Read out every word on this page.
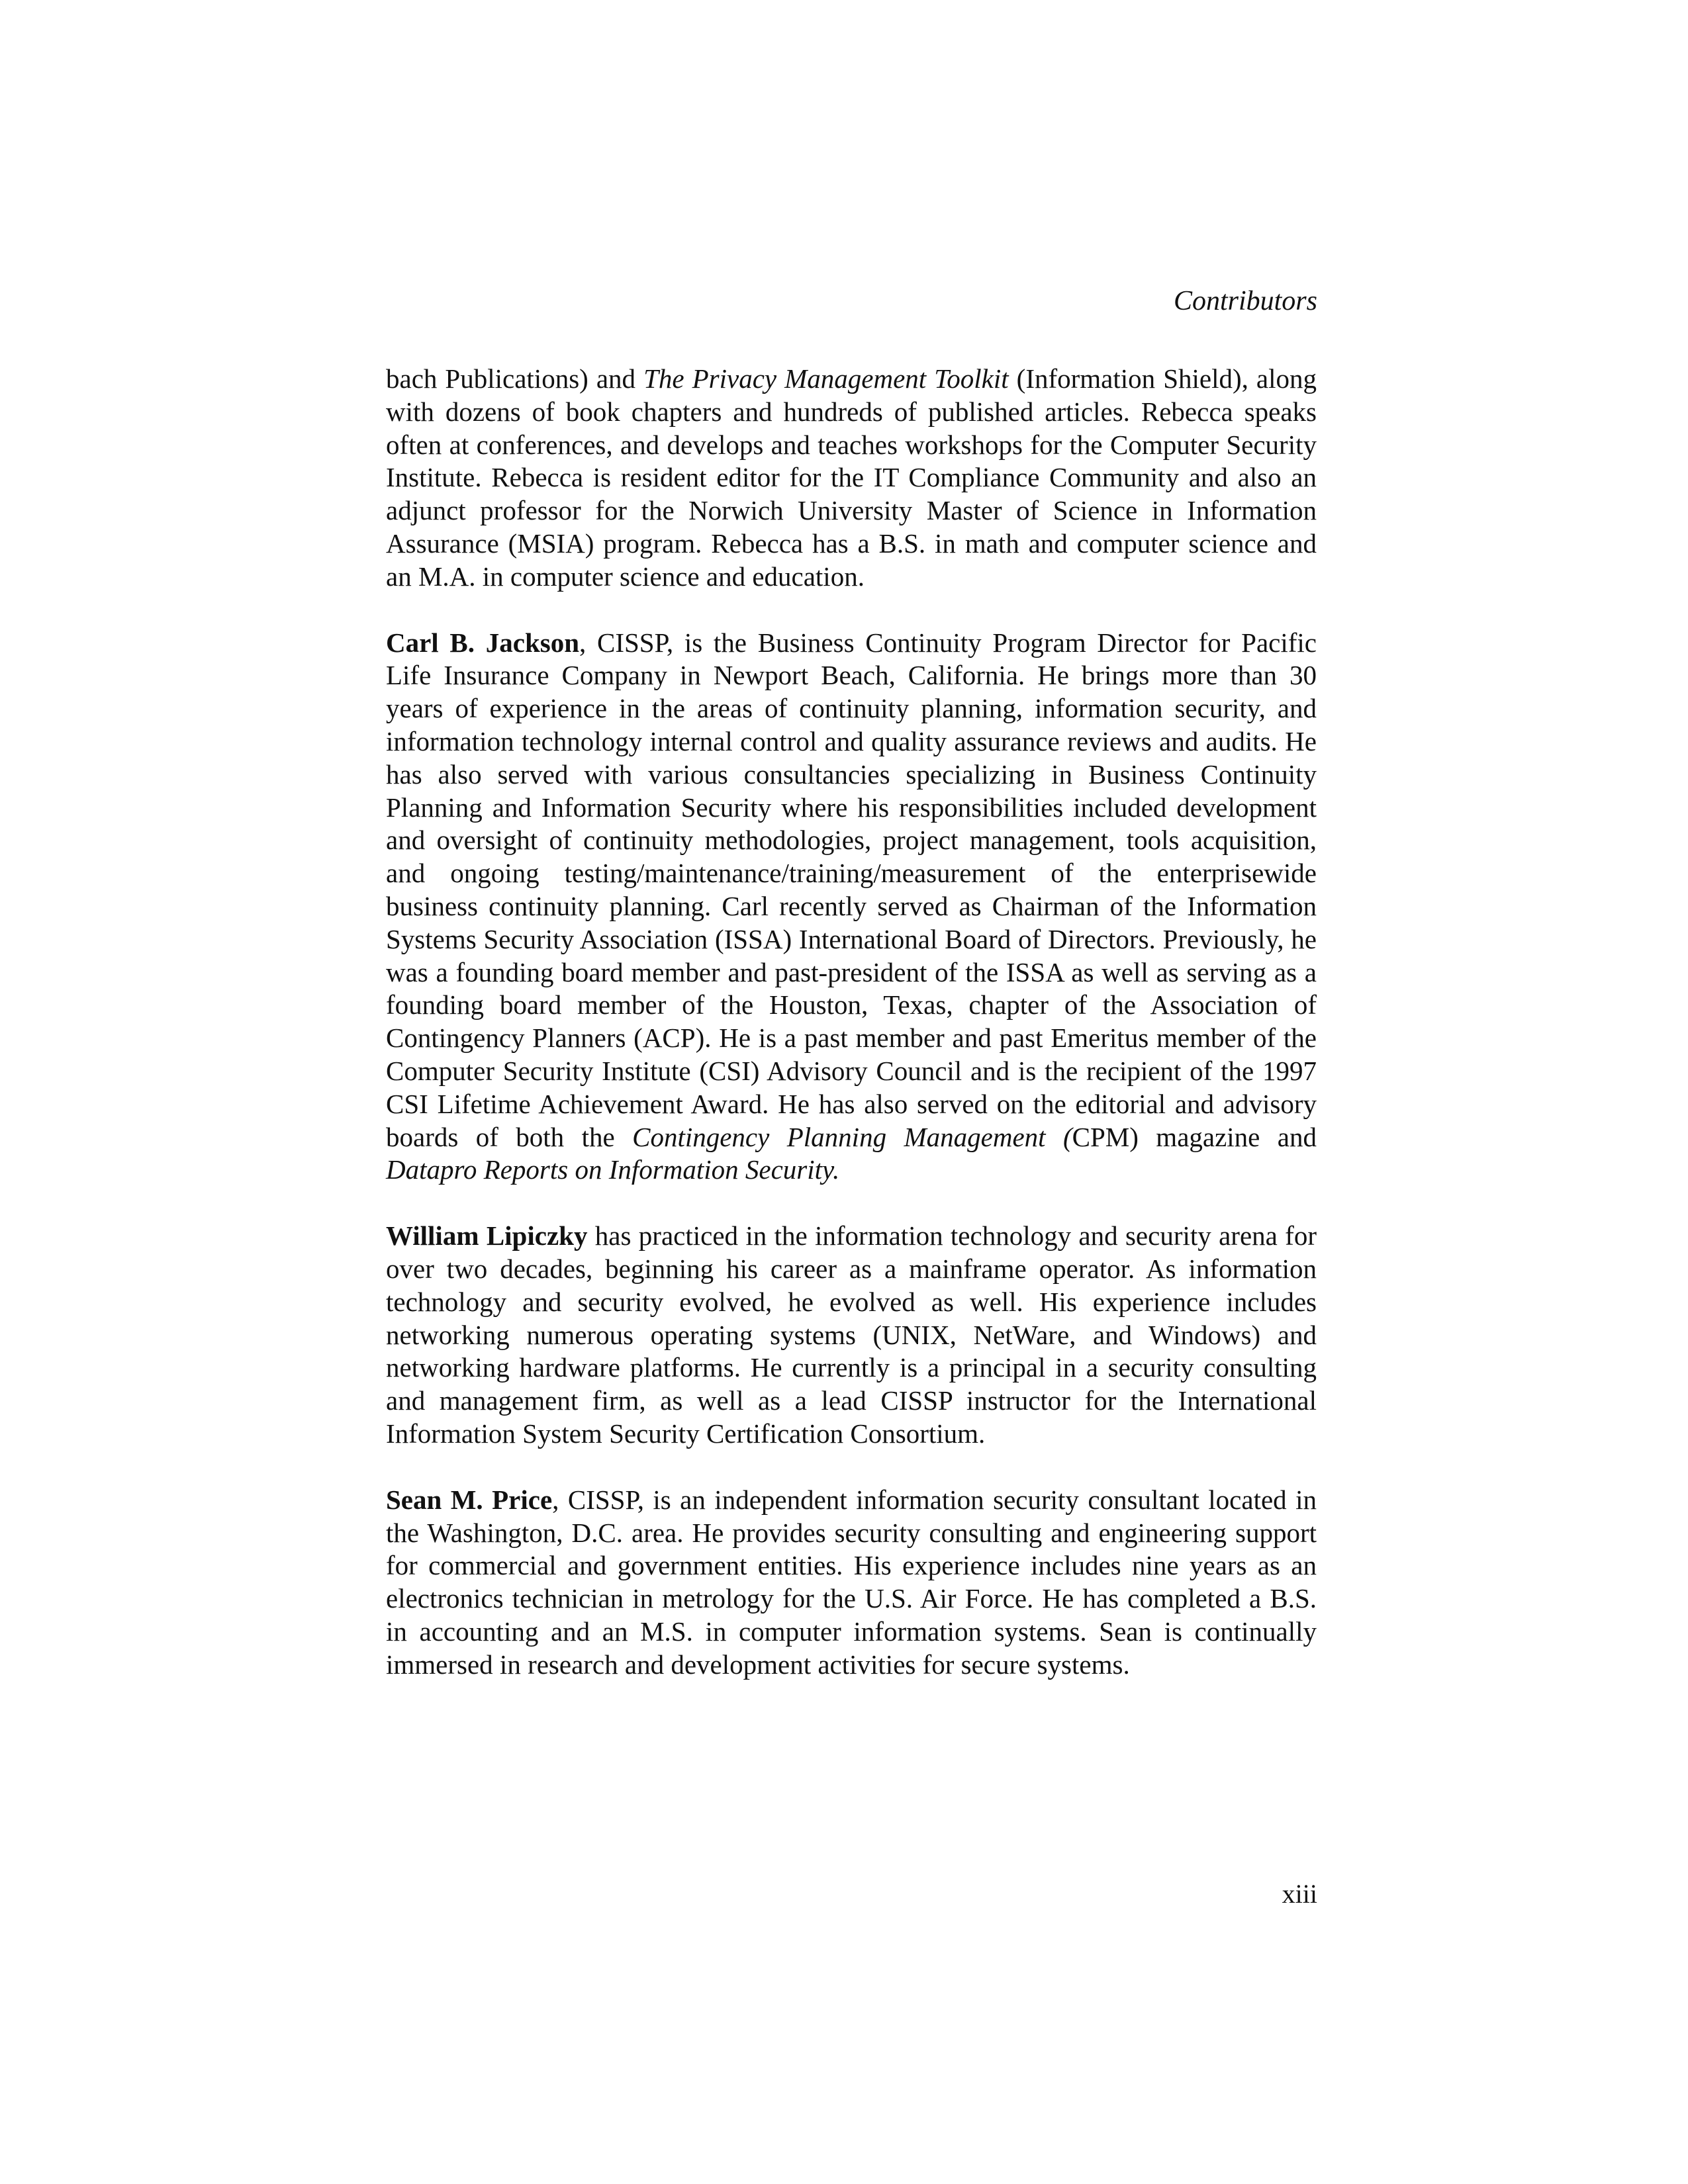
Contributors

bach Publications) and The Privacy Management Toolkit (Information Shield), along with dozens of book chapters and hundreds of published articles. Rebecca speaks often at conferences, and develops and teaches workshops for the Computer Security Institute. Rebecca is resident editor for the IT Compliance Community and also an adjunct professor for the Norwich University Master of Science in Information Assurance (MSIA) program. Rebecca has a B.S. in math and computer science and an M.A. in computer science and education.

Carl B. Jackson, CISSP, is the Business Continuity Program Director for Pacific Life Insurance Company in Newport Beach, California. He brings more than 30 years of experience in the areas of continuity planning, information security, and information technology internal control and quality assurance reviews and audits. He has also served with various consultancies specializing in Business Continuity Planning and Information Security where his responsibilities included development and oversight of continuity methodologies, project management, tools acquisition, and ongoing testing/maintenance/training/measurement of the enterprisewide business continuity planning. Carl recently served as Chairman of the Information Systems Security Association (ISSA) International Board of Directors. Previously, he was a founding board member and past-president of the ISSA as well as serving as a founding board member of the Houston, Texas, chapter of the Association of Contingency Planners (ACP). He is a past member and past Emeritus member of the Computer Security Institute (CSI) Advisory Council and is the recipient of the 1997 CSI Lifetime Achievement Award. He has also served on the editorial and advisory boards of both the Contingency Planning Management (CPM) magazine and Datapro Reports on Information Security.

William Lipiczky has practiced in the information technology and security arena for over two decades, beginning his career as a mainframe operator. As information technology and security evolved, he evolved as well. His experience includes networking numerous operating systems (UNIX, NetWare, and Windows) and networking hardware platforms. He currently is a principal in a security consulting and management firm, as well as a lead CISSP instructor for the International Information System Security Certification Consortium.

Sean M. Price, CISSP, is an independent information security consultant located in the Washington, D.C. area. He provides security consulting and engineering support for commercial and government entities. His experience includes nine years as an electronics technician in metrology for the U.S. Air Force. He has completed a B.S. in accounting and an M.S. in computer information systems. Sean is continually immersed in research and development activities for secure systems.

xiii
